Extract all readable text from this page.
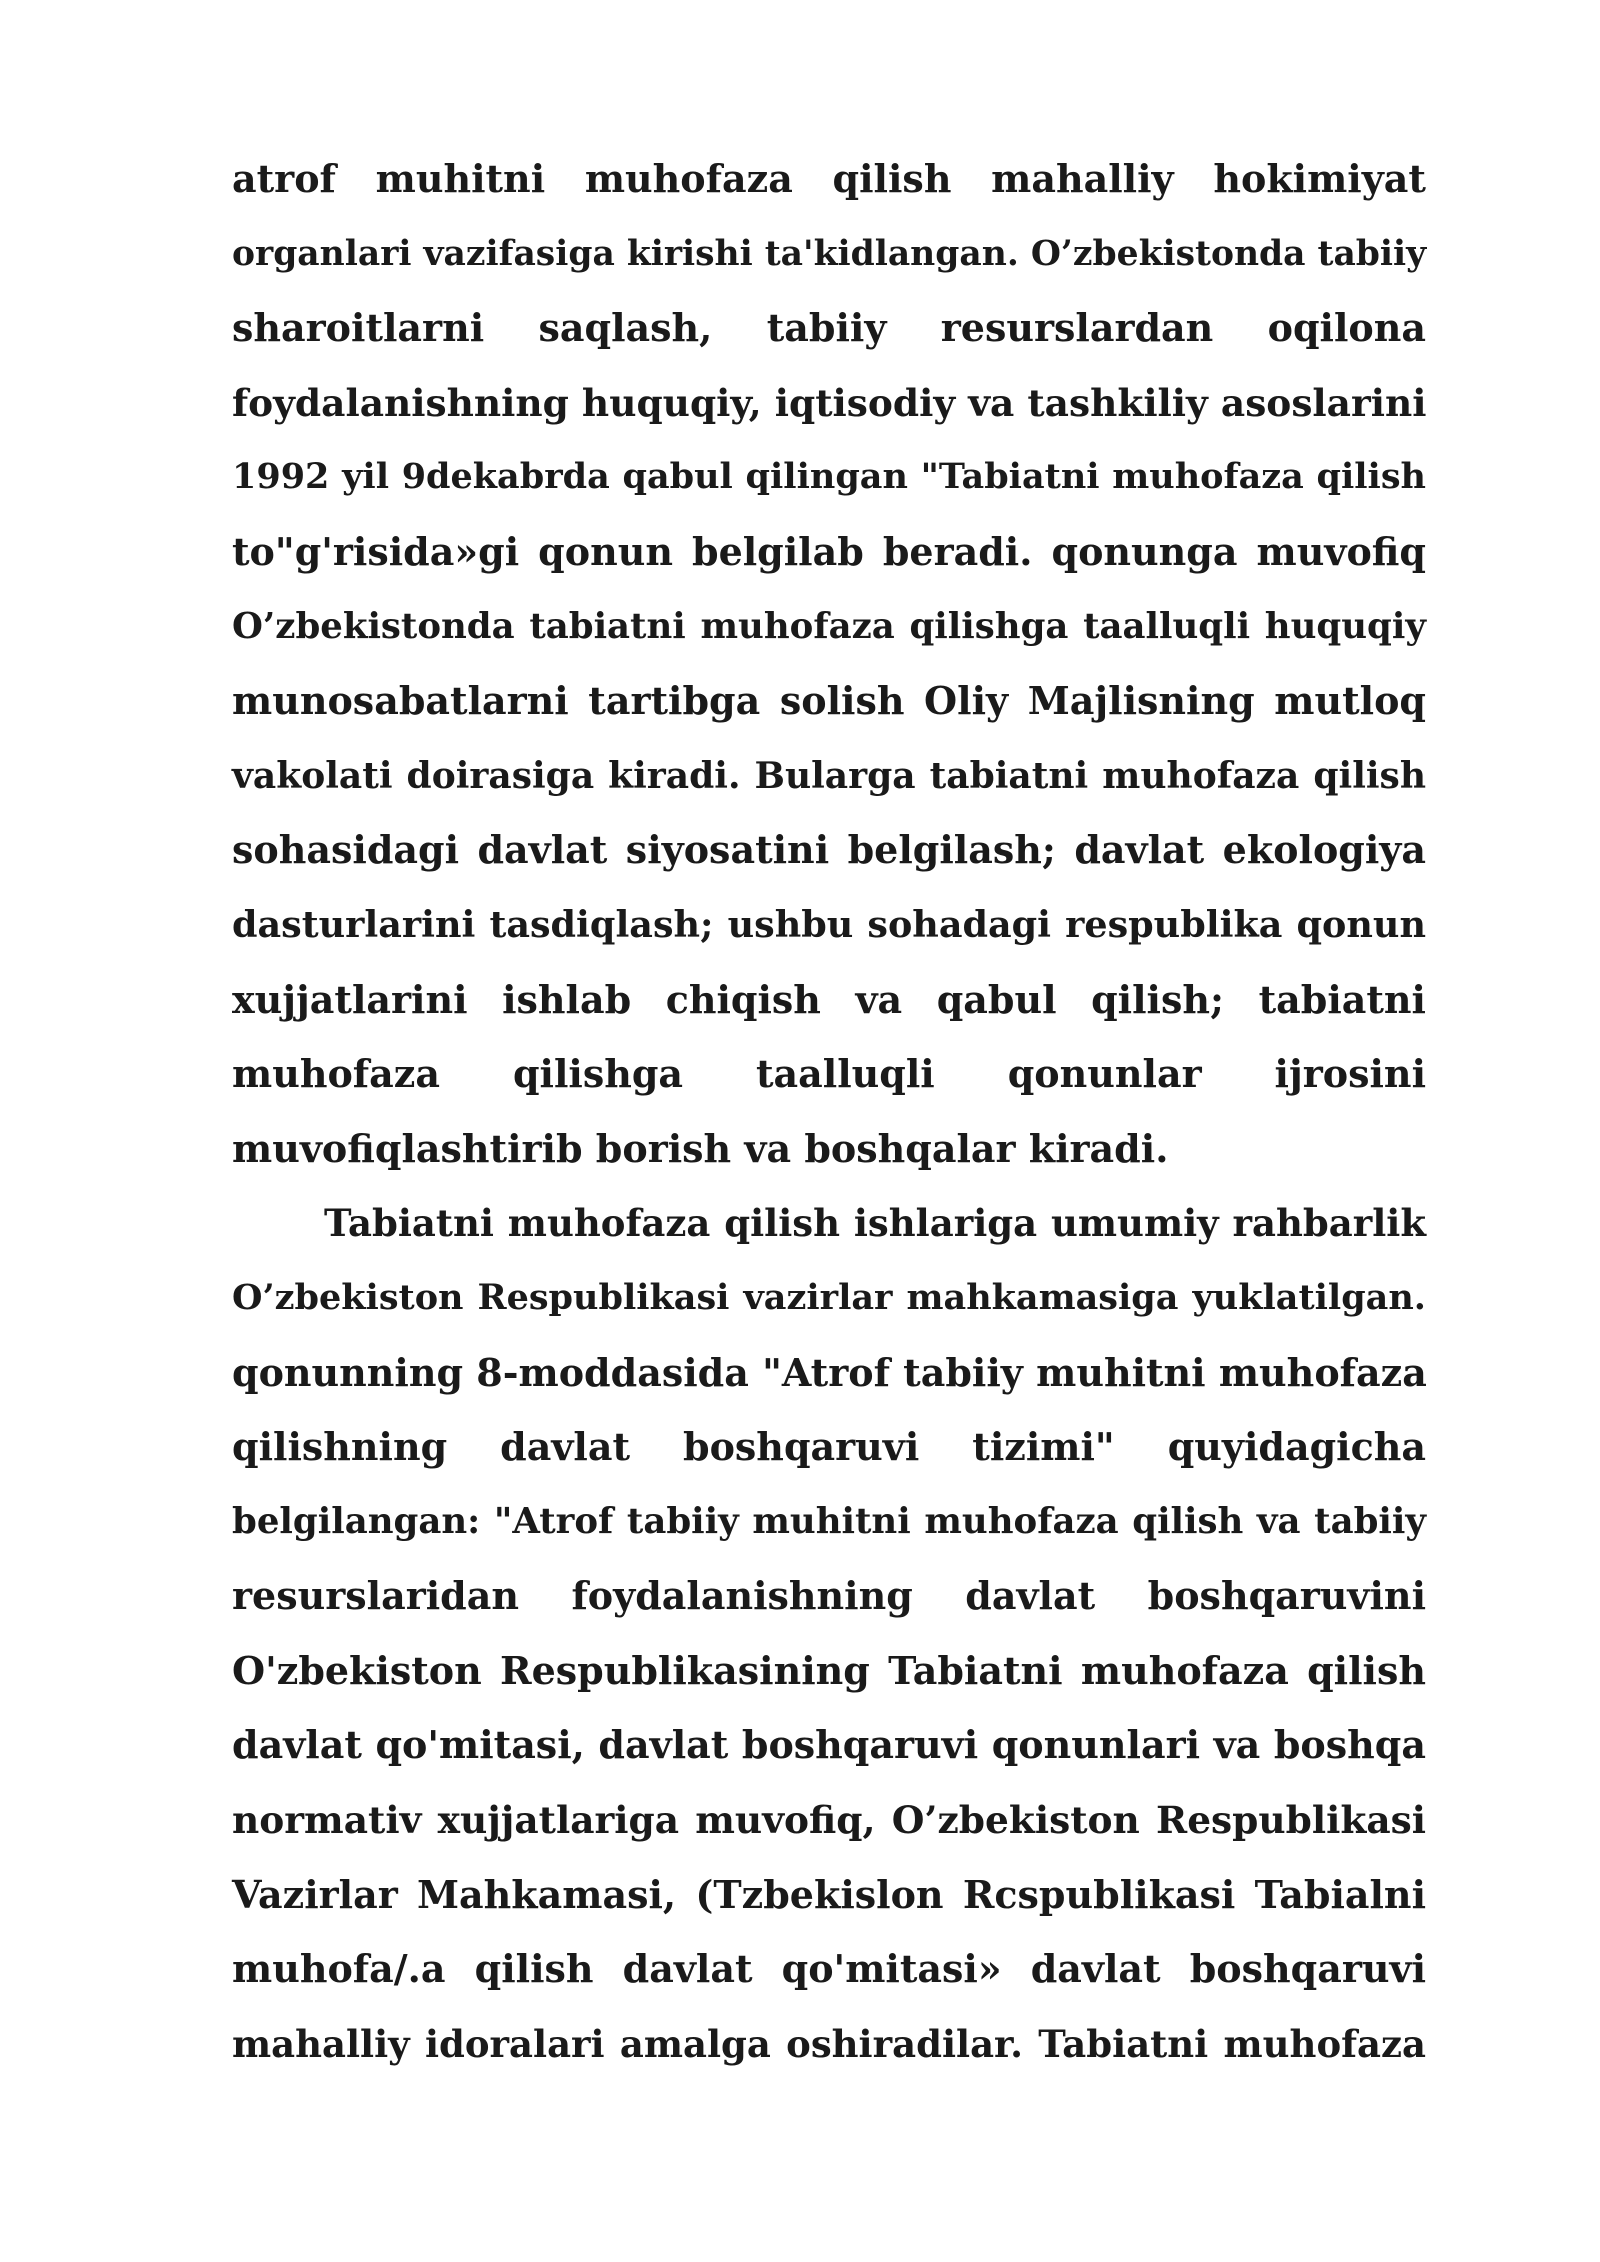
atrof muhitni muhofaza qilish mahalliy hokimiyat
organlari vazifasiga kirishi ta'kidlangan. O’zbekistonda tabiiy
sharoitlarni saqlash, tabiiy resurslardan oqilona
foydalanishning huquqiy, iqtisodiy va tashkiliy asoslarini
1992 yil 9dekabrda qabul qilingan "Tabiatni muhofaza qilish
to"g'risida»gi qonun belgilab beradi. qonunga muvofiq
O’zbekistonda tabiatni muhofaza qilishga taalluqli huquqiy
munosabatlarni tartibga solish Oliy Majlisning mutloq
vakolati doirasiga kiradi. Bularga tabiatni muhofaza qilish
sohasidagi davlat siyosatini belgilash; davlat ekologiya
dasturlarini tasdiqlash; ushbu sohadagi respublika qonun
xujjatlarini ishlab chiqish va qabul qilish; tabiatni
muhofaza qilishga taalluqli qonunlar ijrosini
muvofiqlashtirib borish va boshqalar kiradi.
Tabiatni muhofaza qilish ishlariga umumiy rahbarlik
O’zbekiston Respublikasi vazirlar mahkamasiga yuklatilgan.
qonunning 8-moddasida "Atrof tabiiy muhitni muhofaza
qilishning davlat boshqaruvi tizimi" quyidagicha
belgilangan: "Atrof tabiiy muhitni muhofaza qilish va tabiiy
resurslaridan foydalanishning davlat boshqaruvini
O'zbekiston Respublikasining Tabiatni muhofaza qilish
davlat qo'mitasi, davlat boshqaruvi qonunlari va boshqa
normativ xujjatlariga muvofiq, O’zbekiston Respublikasi
Vazirlar Mahkamasi, (Tzbekislon Rcspublikasi Tabialni
muhofa/.a qilish davlat qo'mitasi» davlat boshqaruvi
mahalliy idoralari amalga oshiradilar. Tabiatni muhofaza
